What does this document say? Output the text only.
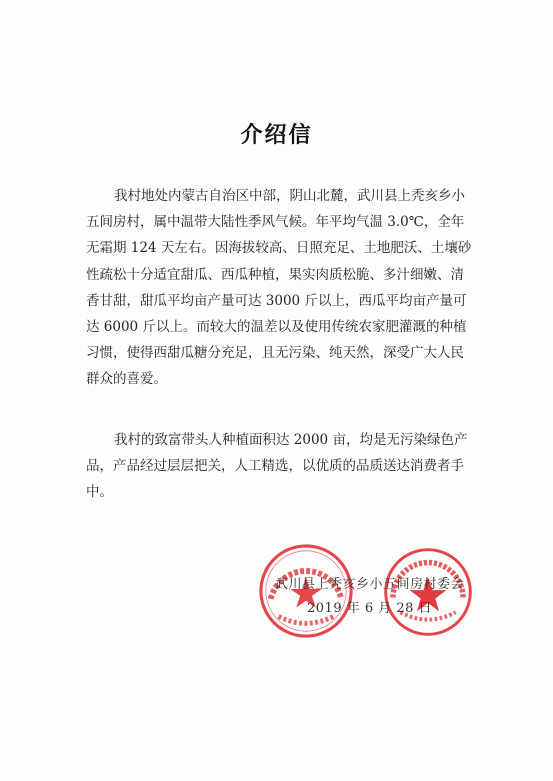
介绍信
我村地处内蒙古自治区中部，阴山北麓，武川县上秃亥乡小
五间房村，属中温带大陆性季风气候。年平均气温 3.0℃，全年
无霜期 124 天左右。因海拔较高、日照充足、土地肥沃、土壤砂
性疏松十分适宜甜瓜、西瓜种植，果实肉质松脆、多汁细嫩、清
香甘甜，甜瓜平均亩产量可达 3000 斤以上，西瓜平均亩产量可
达 6000 斤以上。而较大的温差以及使用传统农家肥灌溉的种植
习惯，使得西甜瓜糖分充足，且无污染、纯天然，深受广大人民
群众的喜爱。
我村的致富带头人种植面积达 2000 亩，均是无污染绿色产
品，产品经过层层把关，人工精选，以优质的品质送达消费者手
中。
武川县上秃亥乡小五间房村委会
2019 年 6 月 28 日
